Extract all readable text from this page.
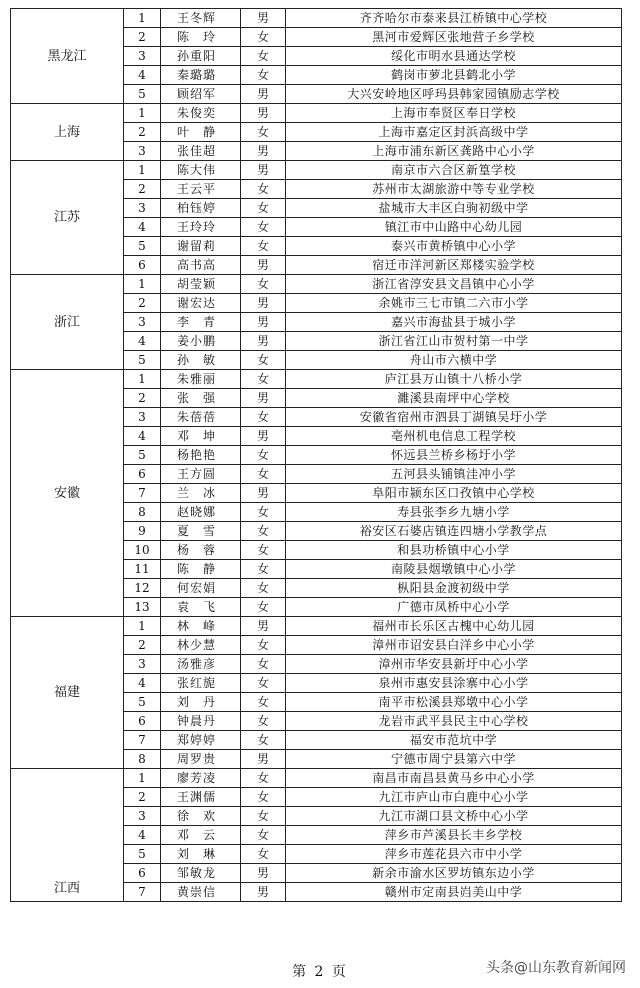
黑龙江	1	王冬辉	男	齐齐哈尔市泰来县江桥镇中心学校
	2	陈　玲	女	黑河市爱辉区张地营子乡学校
	3	孙重阳	女	绥化市明水县通达学校
	4	秦璐璐	女	鹤岗市萝北县鹤北小学
	5	顾绍军	男	大兴安岭地区呼玛县韩家园镇励志学校
上海	1	朱俊奕	男	上海市奉贤区奉日学校
	2	叶　静	女	上海市嘉定区封浜高级中学
	3	张佳超	男	上海市浦东新区龚路中心小学
江苏	1	陈大伟	男	南京市六合区新篁学校
	2	王云平	女	苏州市太湖旅游中等专业学校
	3	柏钰婷	女	盐城市大丰区白驹初级中学
	4	王玲玲	女	镇江市中山路中心幼儿园
	5	谢留莉	女	泰兴市黄桥镇中心小学
	6	高书高	男	宿迁市洋河新区郑楼实验学校
浙江	1	胡莹颖	女	浙江省淳安县文昌镇中心小学
	2	谢宏达	男	余姚市三七市镇二六市小学
	3	李　青	男	嘉兴市海盐县于城小学
	4	姜小鹏	男	浙江省江山市贺村第一中学
	5	孙　敏	女	舟山市六横中学
安徽	1	朱雅丽	女	庐江县万山镇十八桥小学
	2	张　强	男	濉溪县南坪中心学校
	3	朱蓓蓓	女	安徽省宿州市泗县丁湖镇吴圩小学
	4	邓　坤	男	亳州机电信息工程学校
	5	杨艳艳	女	怀远县兰桥乡杨圩小学
	6	王方圆	女	五河县头铺镇洼冲小学
	7	兰　冰	男	阜阳市颍东区口孜镇中心学校
	8	赵晓娜	女	寿县张李乡九塘小学
	9	夏　雪	女	裕安区石婆店镇连四塘小学教学点
	10	杨　蓉	女	和县功桥镇中心小学
	11	陈　静	女	南陵县烟墩镇中心小学
	12	何宏娟	女	枞阳县金渡初级中学
	13	袁　飞	女	广德市凤桥中心小学
福建	1	林　峰	男	福州市长乐区古槐中心幼儿园
	2	林少慧	女	漳州市诏安县白洋乡中心小学
	3	汤雅彦	女	漳州市华安县新圩中心小学
	4	张红旎	女	泉州市惠安县涂寨中心小学
	5	刘　丹	女	南平市松溪县郑墩中心小学
	6	钟晨丹	女	龙岩市武平县民主中心学校
	7	郑婷婷	女	福安市范坑中学
	8	周罗贵	男	宁德市周宁县第六中学
江西	1	廖芳凌	女	南昌市南昌县黄马乡中心小学
	2	王渊儒	女	九江市庐山市白鹿中心小学
	3	徐　欢	女	九江市湖口县文桥中心小学
	4	邓　云	女	萍乡市芦溪县长丰乡学校
	5	刘　琳	女	萍乡市莲花县六市中小学
	6	邹敏龙	男	新余市渝水区罗坊镇东边小学
	7	黄崇信	男	赣州市定南县岿美山中学
第 2 页	头条@山东教育新闻网
